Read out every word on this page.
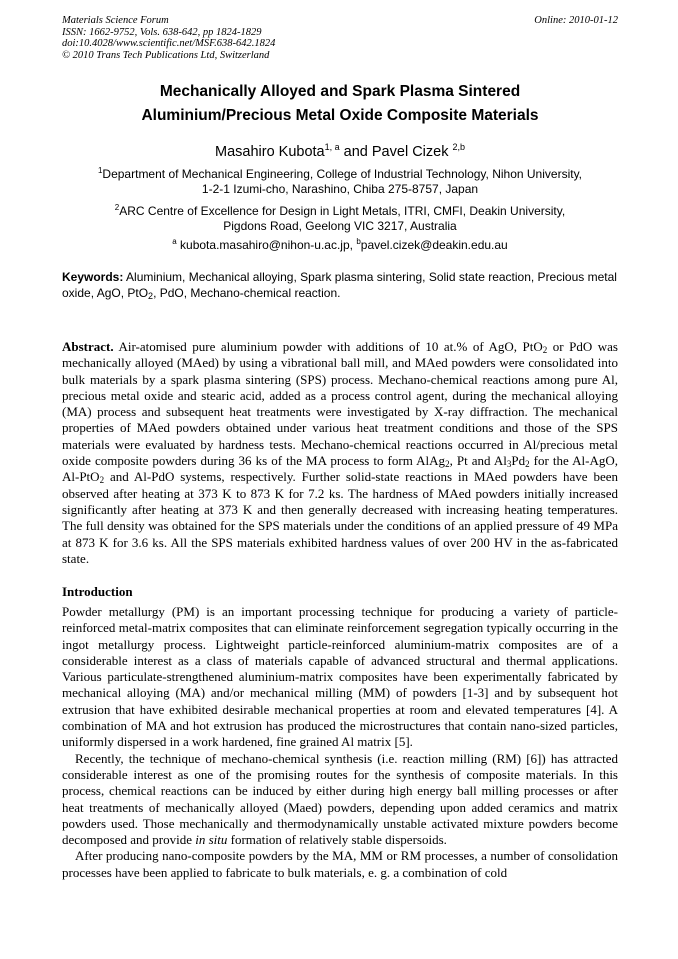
Materials Science Forum
ISSN: 1662-9752, Vols. 638-642, pp 1824-1829
doi:10.4028/www.scientific.net/MSF.638-642.1824
© 2010 Trans Tech Publications Ltd, Switzerland
Online: 2010-01-12
Mechanically Alloyed and Spark Plasma Sintered
Aluminium/Precious Metal Oxide Composite Materials
Masahiro Kubota$^{1, a}$ and Pavel Cizek $^{2,b}$
$^1$Department of Mechanical Engineering, College of Industrial Technology, Nihon University,
1-2-1 Izumi-cho, Narashino, Chiba 275-8757, Japan
$^2$ARC Centre of Excellence for Design in Light Metals, ITRI, CMFI, Deakin University,
Pigdons Road, Geelong VIC 3217, Australia
$^a$ kubota.masahiro@nihon-u.ac.jp, $^b$pavel.cizek@deakin.edu.au
Keywords: Aluminium, Mechanical alloying, Spark plasma sintering, Solid state reaction, Precious metal oxide, AgO, PtO$_2$, PdO, Mechano-chemical reaction.
Abstract. Air-atomised pure aluminium powder with additions of 10 at.% of AgO, PtO$_2$ or PdO was mechanically alloyed (MAed) by using a vibrational ball mill, and MAed powders were consolidated into bulk materials by a spark plasma sintering (SPS) process. Mechano-chemical reactions among pure Al, precious metal oxide and stearic acid, added as a process control agent, during the mechanical alloying (MA) process and subsequent heat treatments were investigated by X-ray diffraction. The mechanical properties of MAed powders obtained under various heat treatment conditions and those of the SPS materials were evaluated by hardness tests. Mechano-chemical reactions occurred in Al/precious metal oxide composite powders during 36 ks of the MA process to form AlAg$_2$, Pt and $Al_3Pd_2$ for the Al-AgO, Al-PtO$_2$ and Al-PdO systems, respectively. Further solid-state reactions in MAed powders have been observed after heating at 373 K to 873 K for 7.2 ks. The hardness of MAed powders initially increased significantly after heating at 373 K and then generally decreased with increasing heating temperatures. The full density was obtained for the SPS materials under the conditions of an applied pressure of 49 MPa at 873 K for 3.6 ks. All the SPS materials exhibited hardness values of over 200 HV in the as-fabricated state.
Introduction

Powder metallurgy (PM) is an important processing technique for producing a variety of particle-reinforced metal-matrix composites that can eliminate reinforcement segregation typically occurring in the ingot metallurgy process. Lightweight particle-reinforced aluminium-matrix composites are of a considerable interest as a class of materials capable of advanced structural and thermal applications. Various particulate-strengthened aluminium-matrix composites have been experimentally fabricated by mechanical alloying (MA) and/or mechanical milling (MM) of powders [1-3] and by subsequent hot extrusion that have exhibited desirable mechanical properties at room and elevated temperatures [4]. A combination of MA and hot extrusion has produced the microstructures that contain nano-sized particles, uniformly dispersed in a work hardened, fine grained Al matrix [5].

Recently, the technique of mechano-chemical synthesis (i.e. reaction milling (RM) [6]) has attracted considerable interest as one of the promising routes for the synthesis of composite materials. In this process, chemical reactions can be induced by either during high energy ball milling processes or after heat treatments of mechanically alloyed (Maed) powders, depending upon added ceramics and matrix powders used. Those mechanically and thermodynamically unstable activated mixture powders become decomposed and provide in situ formation of relatively stable dispersoids.

After producing nano-composite powders by the MA, MM or RM processes, a number of consolidation processes have been applied to fabricate to bulk materials, e. g. a combination of cold
